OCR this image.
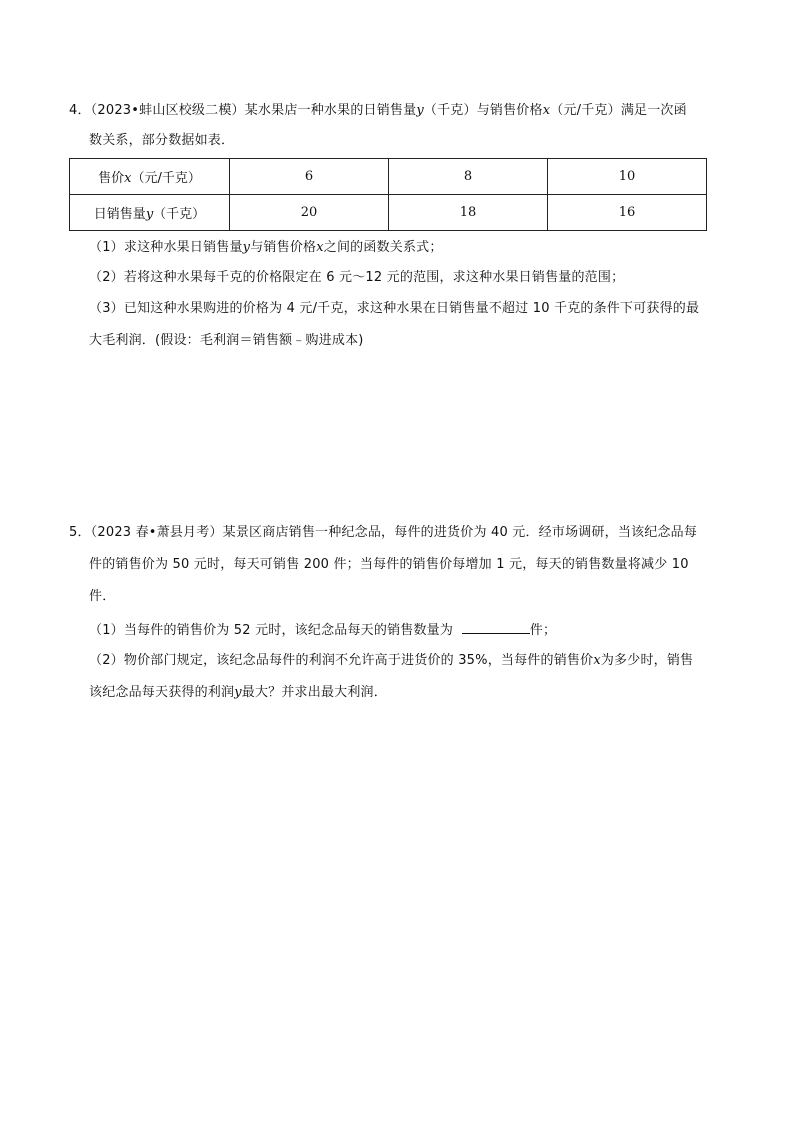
4．（2023•蚌山区校级二模）某水果店一种水果的日销售量y（千克）与销售价格x（元/千克）满足一次函
数关系，部分数据如表．
售价x（元/千克）	6	8	10
日销售量y（千克）	20	18	16
（1）求这种水果日销售量y与销售价格x之间的函数关系式；
（2）若将这种水果每千克的价格限定在 6 元～12 元的范围，求这种水果日销售量的范围；
（3）已知这种水果购进的价格为 4 元/千克，求这种水果在日销售量不超过 10 千克的条件下可获得的最
大毛利润．(假设：毛利润＝销售额﹣购进成本)
5．（2023 春•萧县月考）某景区商店销售一种纪念品，每件的进货价为 40 元．经市场调研，当该纪念品每
件的销售价为 50 元时，每天可销售 200 件；当每件的销售价每增加 1 元，每天的销售数量将减少 10
件．
（1）当每件的销售价为 52 元时，该纪念品每天的销售数量为	件；
（2）物价部门规定，该纪念品每件的利润不允许高于进货价的 35%，当每件的销售价x为多少时，销售
该纪念品每天获得的利润y最大？并求出最大利润．
